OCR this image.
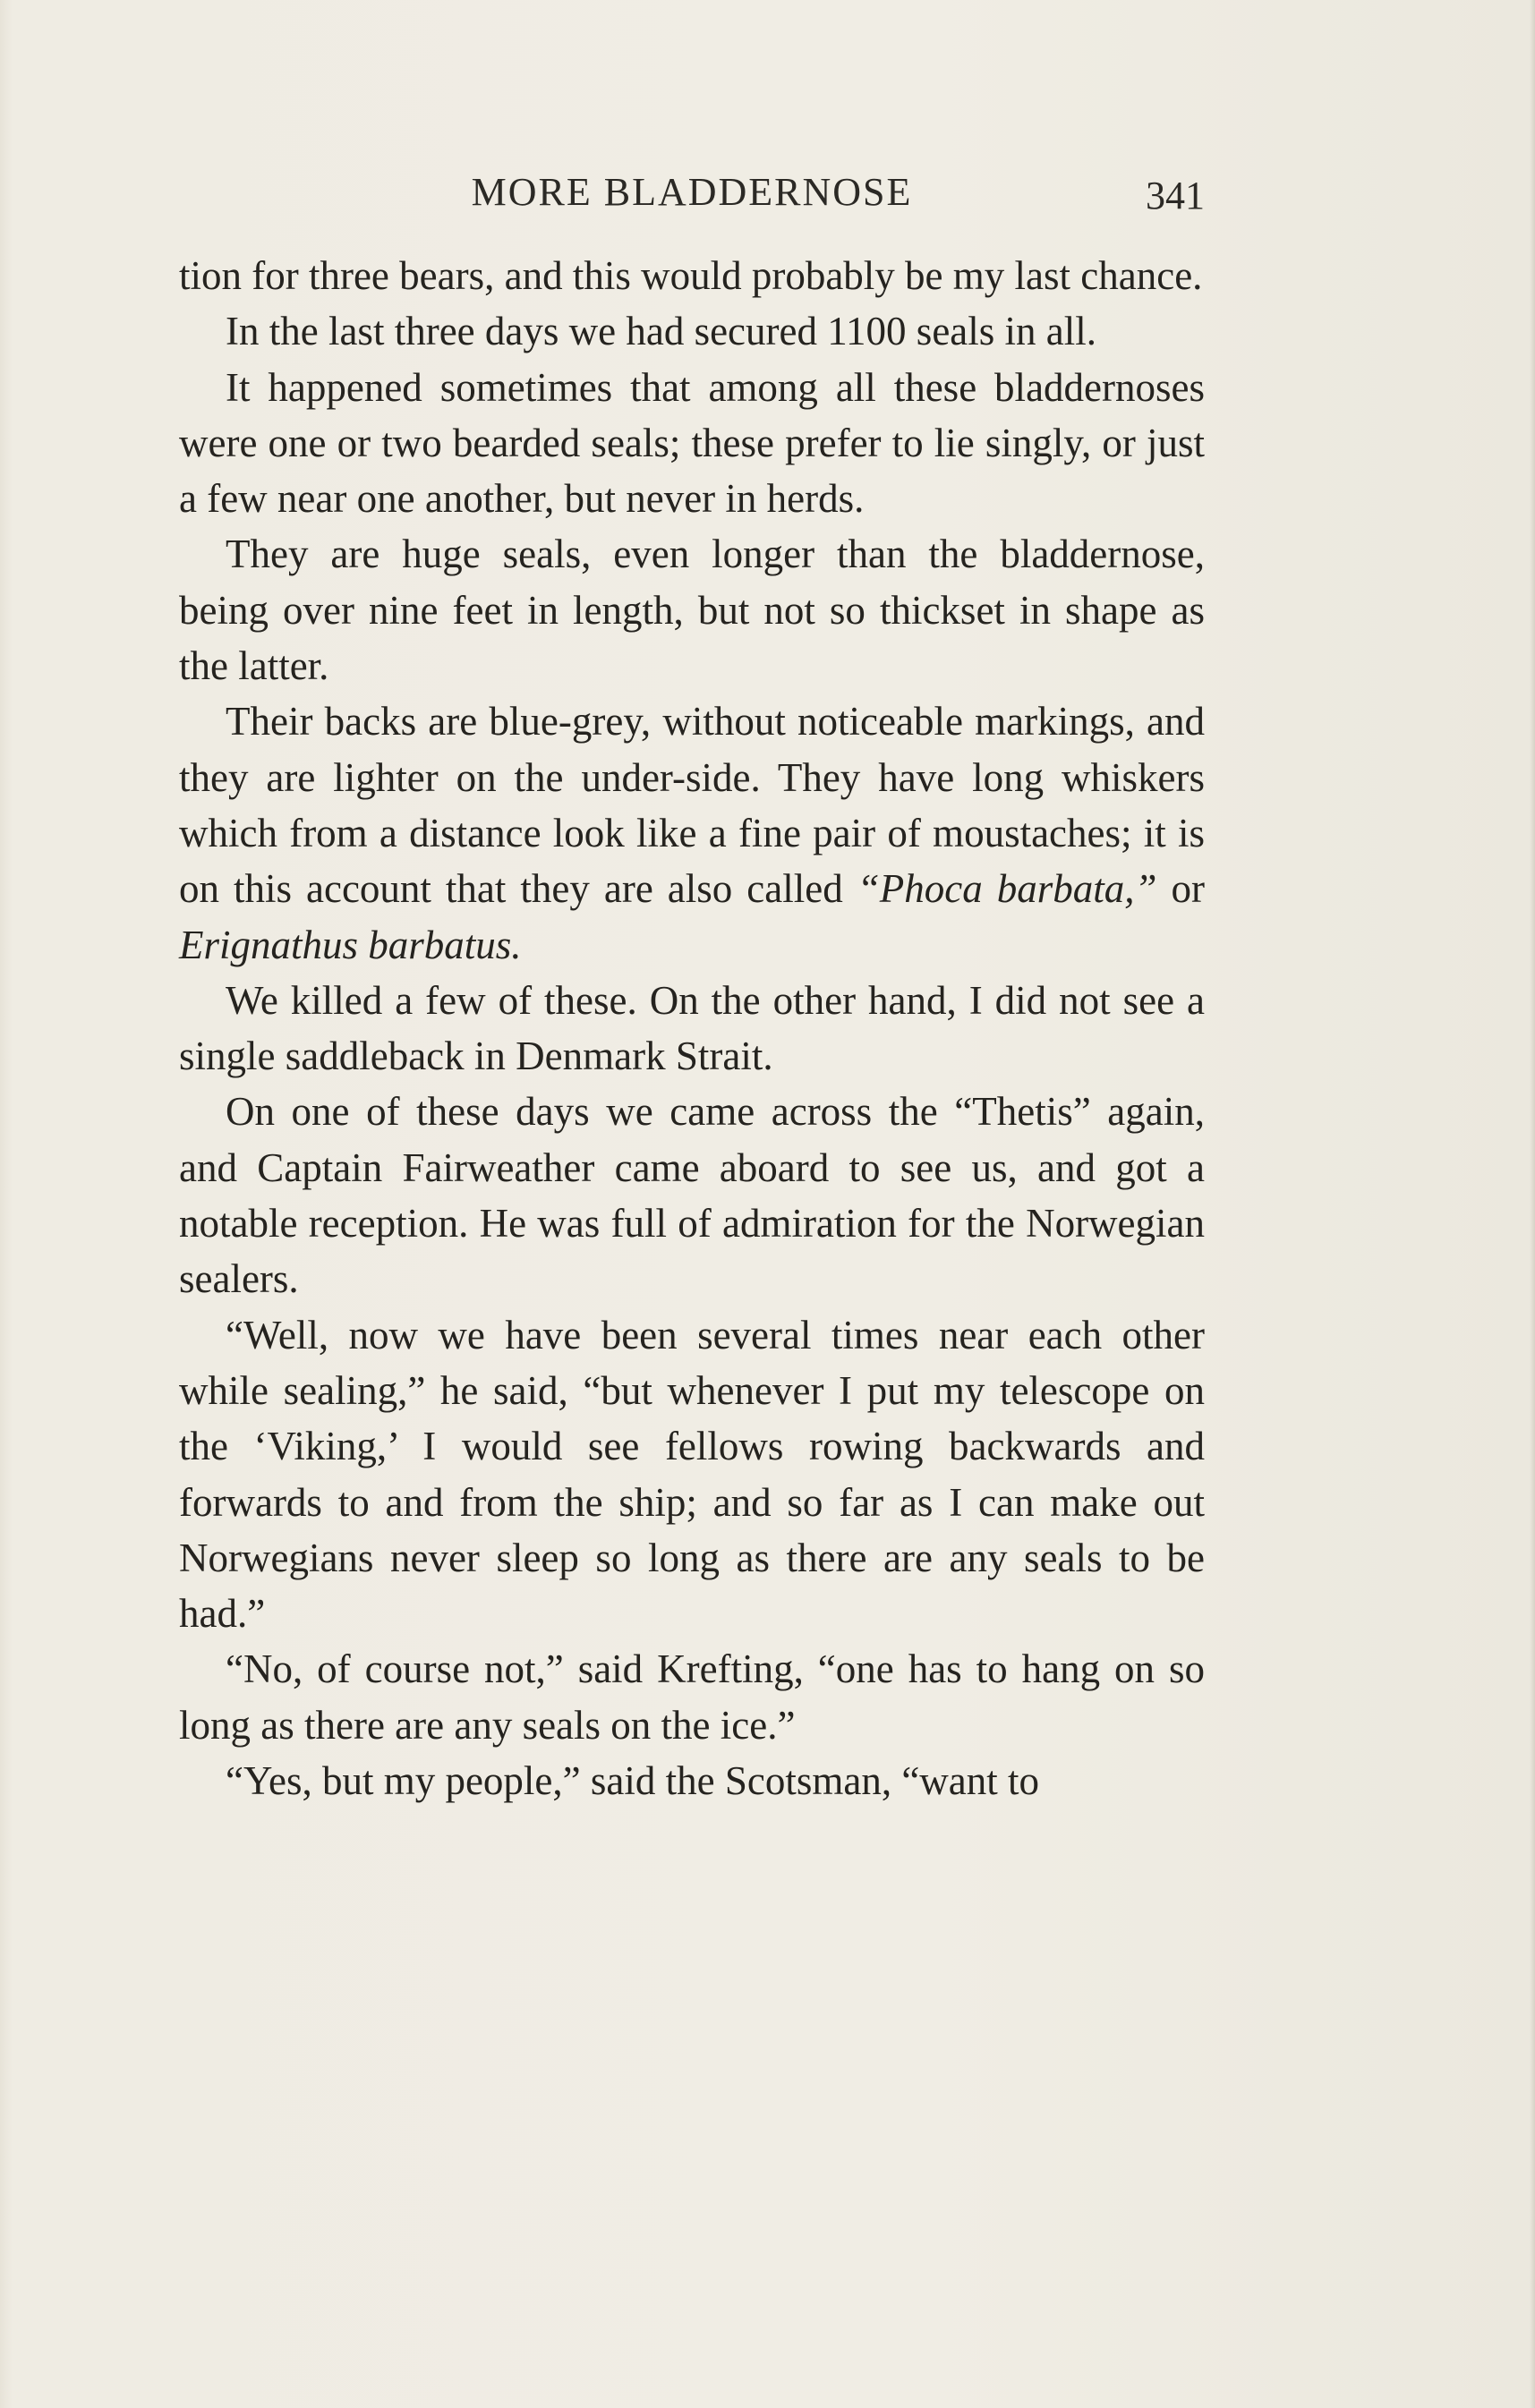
MORE BLADDERNOSE	341

tion for three bears, and this would probably be my last chance.

In the last three days we had secured 1100 seals in all.

It happened sometimes that among all these bladdernoses were one or two bearded seals; these prefer to lie singly, or just a few near one another, but never in herds.

They are huge seals, even longer than the bladdernose, being over nine feet in length, but not so thickset in shape as the latter.

Their backs are blue-grey, without noticeable markings, and they are lighter on the under-side. They have long whiskers which from a distance look like a fine pair of moustaches; it is on this account that they are also called “Phoca barbata,” or Erignathus barbatus.

We killed a few of these. On the other hand, I did not see a single saddleback in Denmark Strait.

On one of these days we came across the “Thetis” again, and Captain Fairweather came aboard to see us, and got a notable reception. He was full of admiration for the Norwegian sealers.

“Well, now we have been several times near each other while sealing,” he said, “but whenever I put my telescope on the ‘Viking,’ I would see fellows rowing backwards and forwards to and from the ship; and so far as I can make out Norwegians never sleep so long as there are any seals to be had.”

“No, of course not,” said Krefting, “one has to hang on so long as there are any seals on the ice.”

“Yes, but my people,” said the Scotsman, “want to
